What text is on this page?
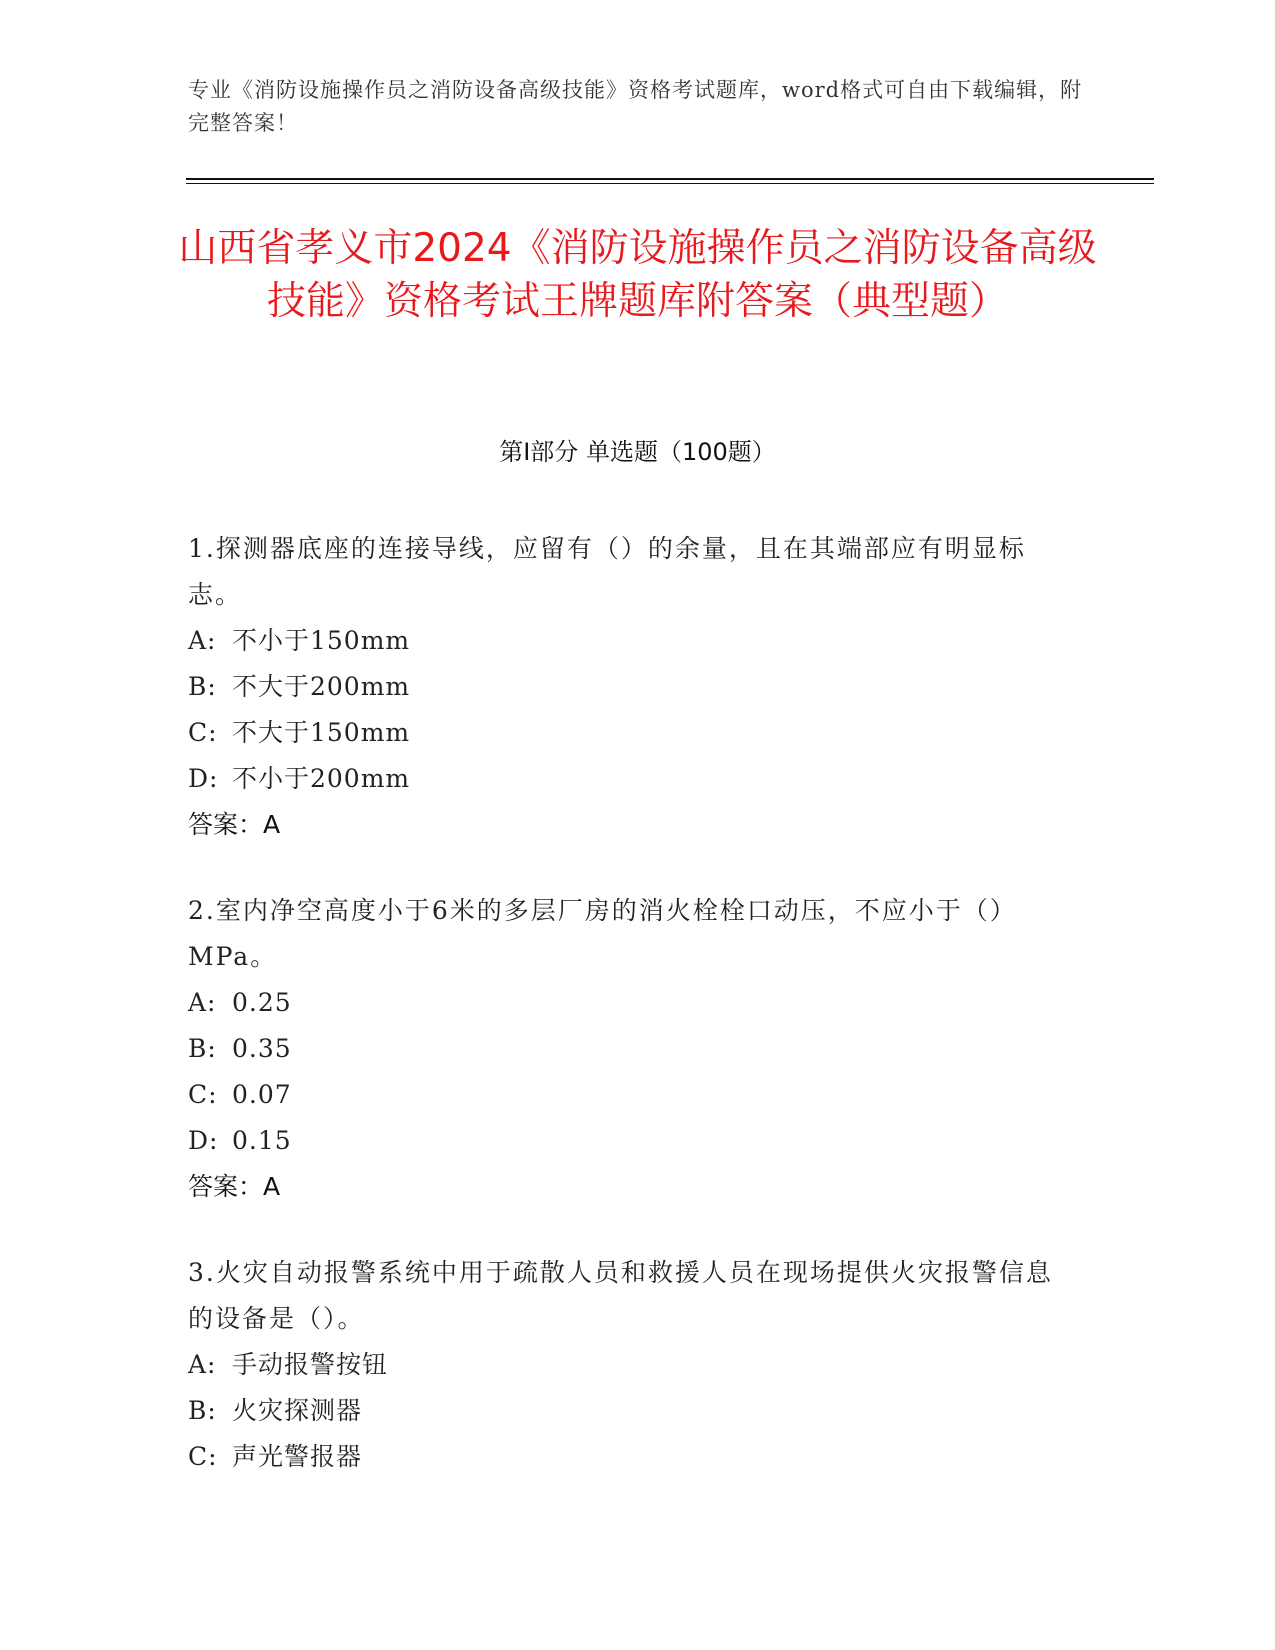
专业《消防设施操作员之消防设备高级技能》资格考试题库，word格式可自由下载编辑，附完整答案！
山西省孝义市2024《消防设施操作员之消防设备高级技能》资格考试王牌题库附答案（典型题）
第Ⅰ部分 单选题（100题）

1.探测器底座的连接导线，应留有（）的余量，且在其端部应有明显标志。

A: 不小于150mm

B: 不大于200mm

C: 不大于150mm

D: 不小于200mm

答案：A

2.室内净空高度小于6米的多层厂房的消火栓栓口动压，不应小于（）MPa。

A: 0.25

B: 0.35

C: 0.07

D: 0.15

答案：A

3.火灾自动报警系统中用于疏散人员和救援人员在现场提供火灾报警信息的设备是（）。

A: 手动报警按钮

B: 火灾探测器

C: 声光警报器
